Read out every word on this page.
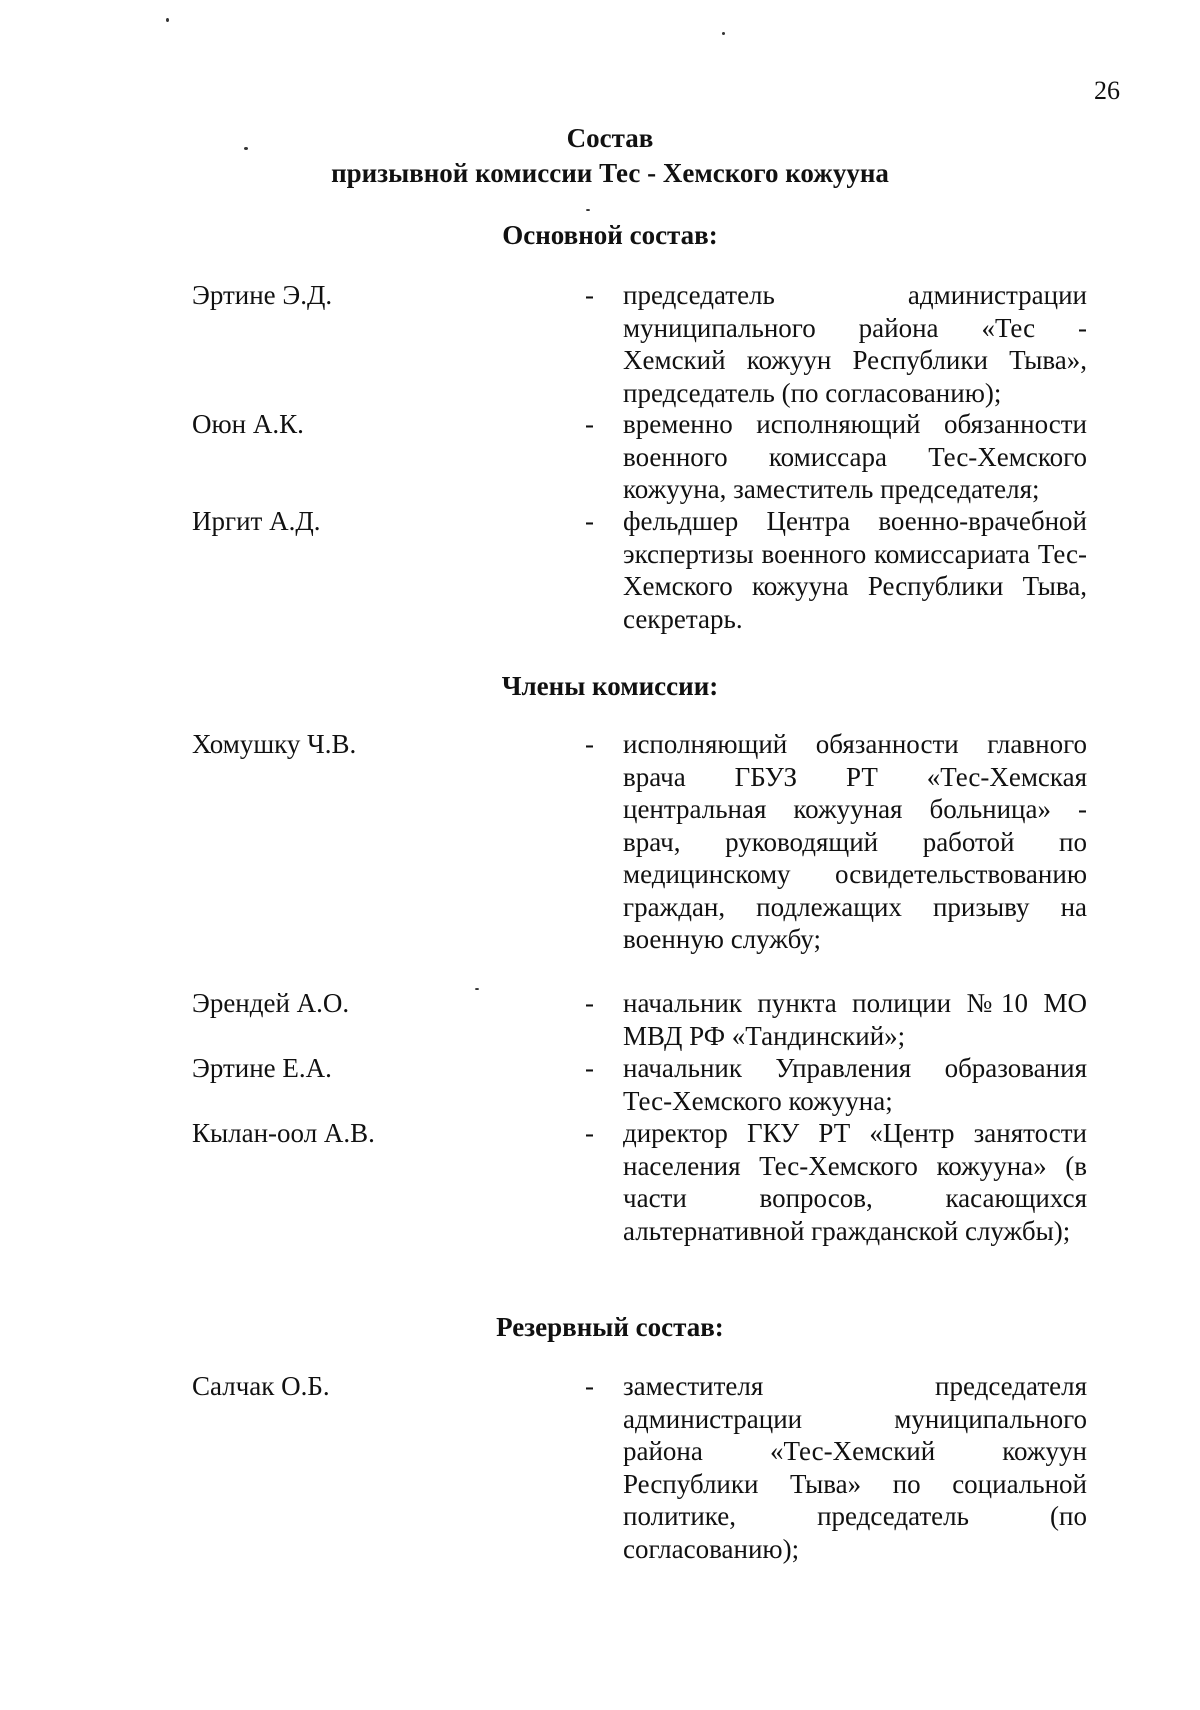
26
Состав
призывной комиссии Тес - Хемского кожууна
Основной состав:
Эртине Э.Д.	- председатель администрации муниципального района «Тес - Хемский кожуун Республики Тыва», председатель (по согласованию);
Оюн А.К.	- временно исполняющий обязанности военного комиссара Тес-Хемского кожууна, заместитель председателя;
Иргит А.Д.	- фельдшер Центра военно-врачебной экспертизы военного комиссариата Тес-Хемского кожууна Республики Тыва, секретарь.
Члены комиссии:
Хомушку Ч.В.	- исполняющий обязанности главного врача ГБУЗ РТ «Тес-Хемская центральная кожууная больница» - врач, руководящий работой по медицинскому освидетельствованию граждан, подлежащих призыву на военную службу;
Эрендей А.О.	- начальник пункта полиции №10 МО МВД РФ «Тандинский»;
Эртине Е.А.	- начальник Управления образования Тес-Хемского кожууна;
Кылан-оол А.В.	- директор ГКУ РТ «Центр занятости населения Тес-Хемского кожууна» (в части вопросов, касающихся альтернативной гражданской службы);
Резервный состав:
Салчак О.Б.	- заместителя председателя администрации муниципального района «Тес-Хемский кожуун Республики Тыва» по социальной политике, председатель (по согласованию);
